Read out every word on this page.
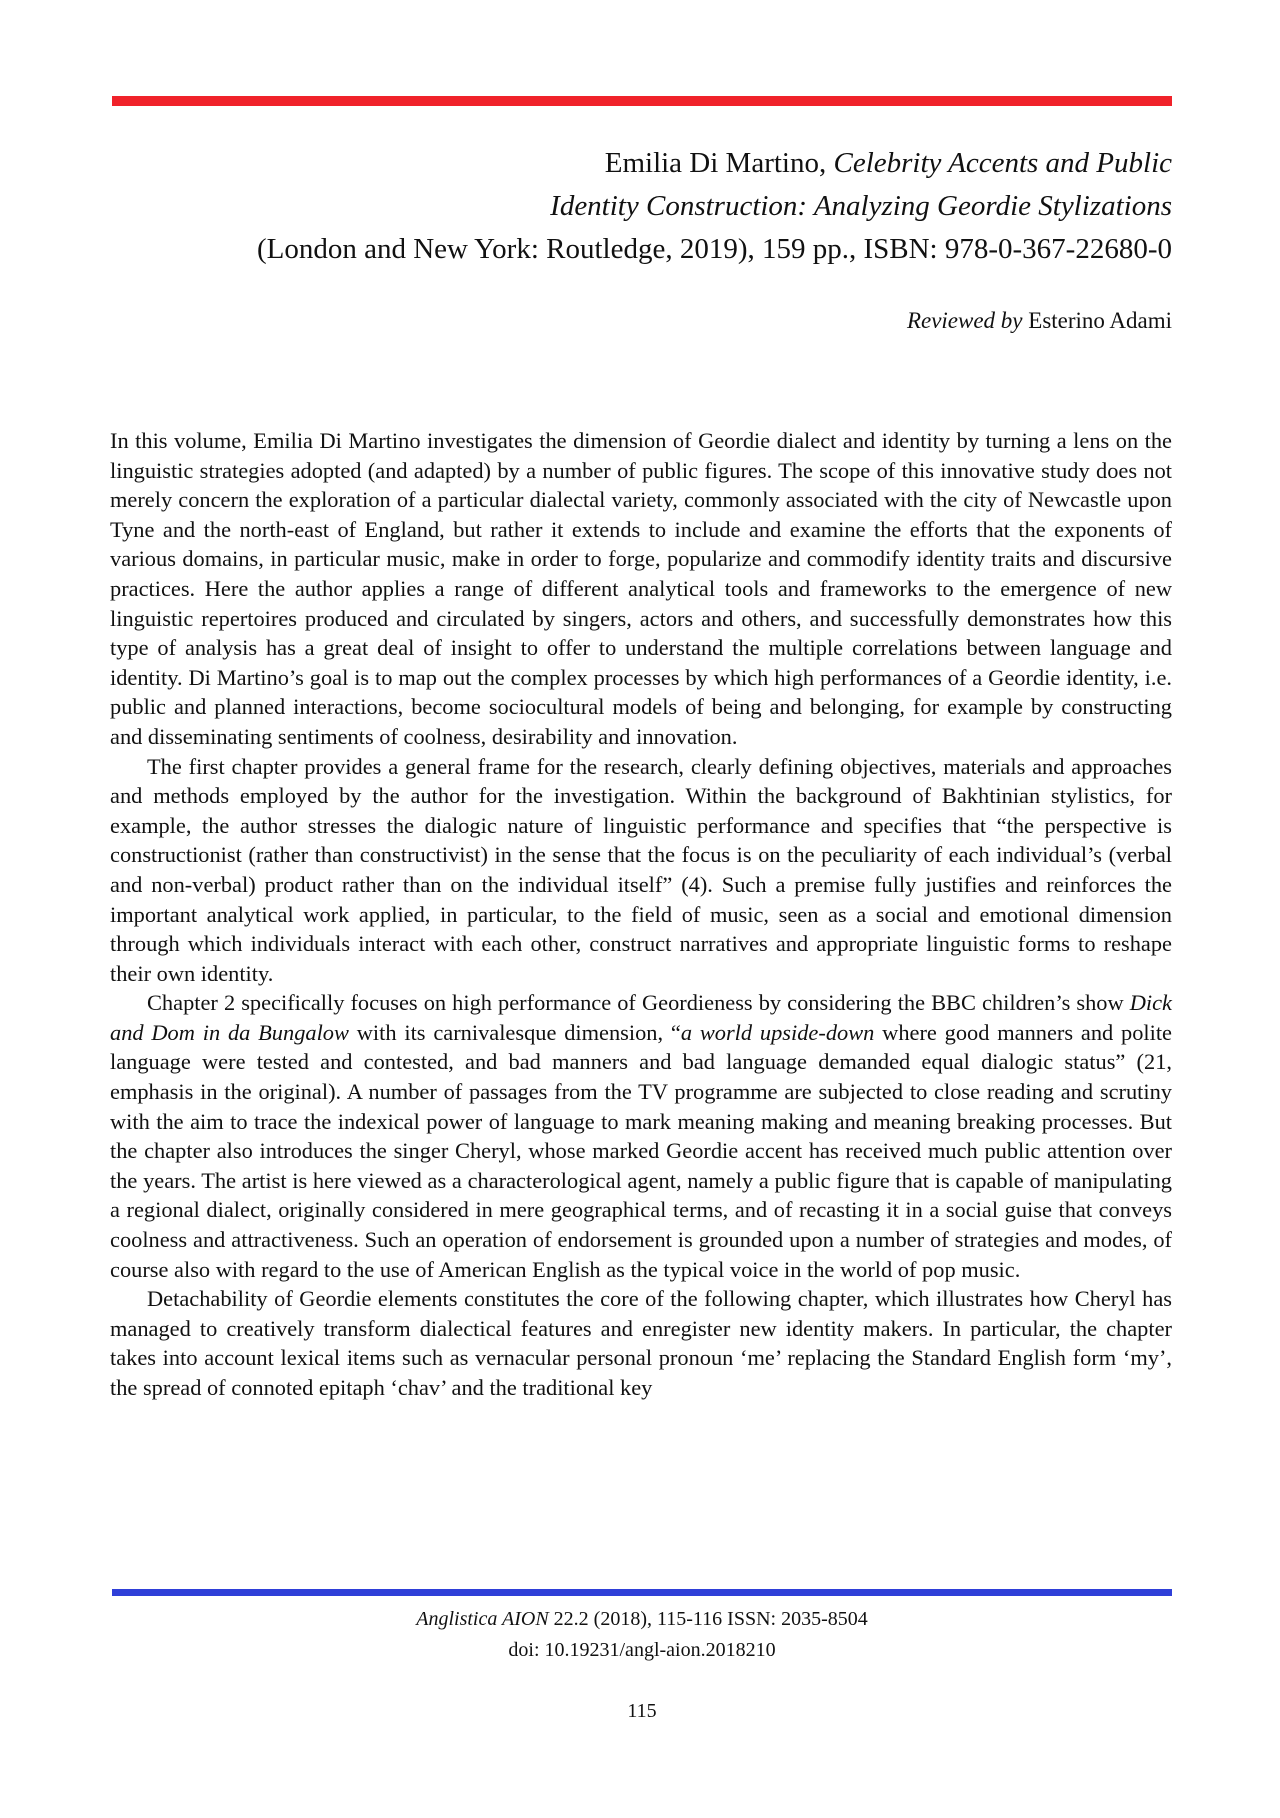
Emilia Di Martino, Celebrity Accents and Public
Identity Construction: Analyzing Geordie Stylizations
(London and New York: Routledge, 2019), 159 pp., ISBN: 978-0-367-22680-0
Reviewed by Esterino Adami

In this volume, Emilia Di Martino investigates the dimension of Geordie dialect and identity by turning a lens on the linguistic strategies adopted (and adapted) by a number of public figures. The scope of this innovative study does not merely concern the exploration of a particular dialectal variety, commonly associated with the city of Newcastle upon Tyne and the north-east of England, but rather it extends to include and examine the efforts that the exponents of various domains, in particular music, make in order to forge, popularize and commodify identity traits and discursive practices. Here the author applies a range of different analytical tools and frameworks to the emergence of new linguistic repertoires produced and circulated by singers, actors and others, and successfully demonstrates how this type of analysis has a great deal of insight to offer to understand the multiple correlations between language and identity. Di Martino’s goal is to map out the complex processes by which high performances of a Geordie identity, i.e. public and planned interactions, become sociocultural models of being and belonging, for example by constructing and disseminating sentiments of coolness, desirability and innovation.

The first chapter provides a general frame for the research, clearly defining objectives, materials and approaches and methods employed by the author for the investigation. Within the background of Bakhtinian stylistics, for example, the author stresses the dialogic nature of linguistic performance and specifies that “the perspective is constructionist (rather than constructivist) in the sense that the focus is on the peculiarity of each individual’s (verbal and non-verbal) product rather than on the individual itself” (4). Such a premise fully justifies and reinforces the important analytical work applied, in particular, to the field of music, seen as a social and emotional dimension through which individuals interact with each other, construct narratives and appropriate linguistic forms to reshape their own identity.

Chapter 2 specifically focuses on high performance of Geordieness by considering the BBC children’s show Dick and Dom in da Bungalow with its carnivalesque dimension, “a world upside-down where good manners and polite language were tested and contested, and bad manners and bad language demanded equal dialogic status” (21, emphasis in the original). A number of passages from the TV programme are subjected to close reading and scrutiny with the aim to trace the indexical power of language to mark meaning making and meaning breaking processes. But the chapter also introduces the singer Cheryl, whose marked Geordie accent has received much public attention over the years. The artist is here viewed as a characterological agent, namely a public figure that is capable of manipulating a regional dialect, originally considered in mere geographical terms, and of recasting it in a social guise that conveys coolness and attractiveness. Such an operation of endorsement is grounded upon a number of strategies and modes, of course also with regard to the use of American English as the typical voice in the world of pop music.

Detachability of Geordie elements constitutes the core of the following chapter, which illustrates how Cheryl has managed to creatively transform dialectical features and enregister new identity makers. In particular, the chapter takes into account lexical items such as vernacular personal pronoun ‘me’ replacing the Standard English form ‘my’, the spread of connoted epitaph ‘chav’ and the traditional key

Anglistica AION 22.2 (2018), 115-116 ISSN: 2035-8504
doi: 10.19231/angl-aion.2018210
115
